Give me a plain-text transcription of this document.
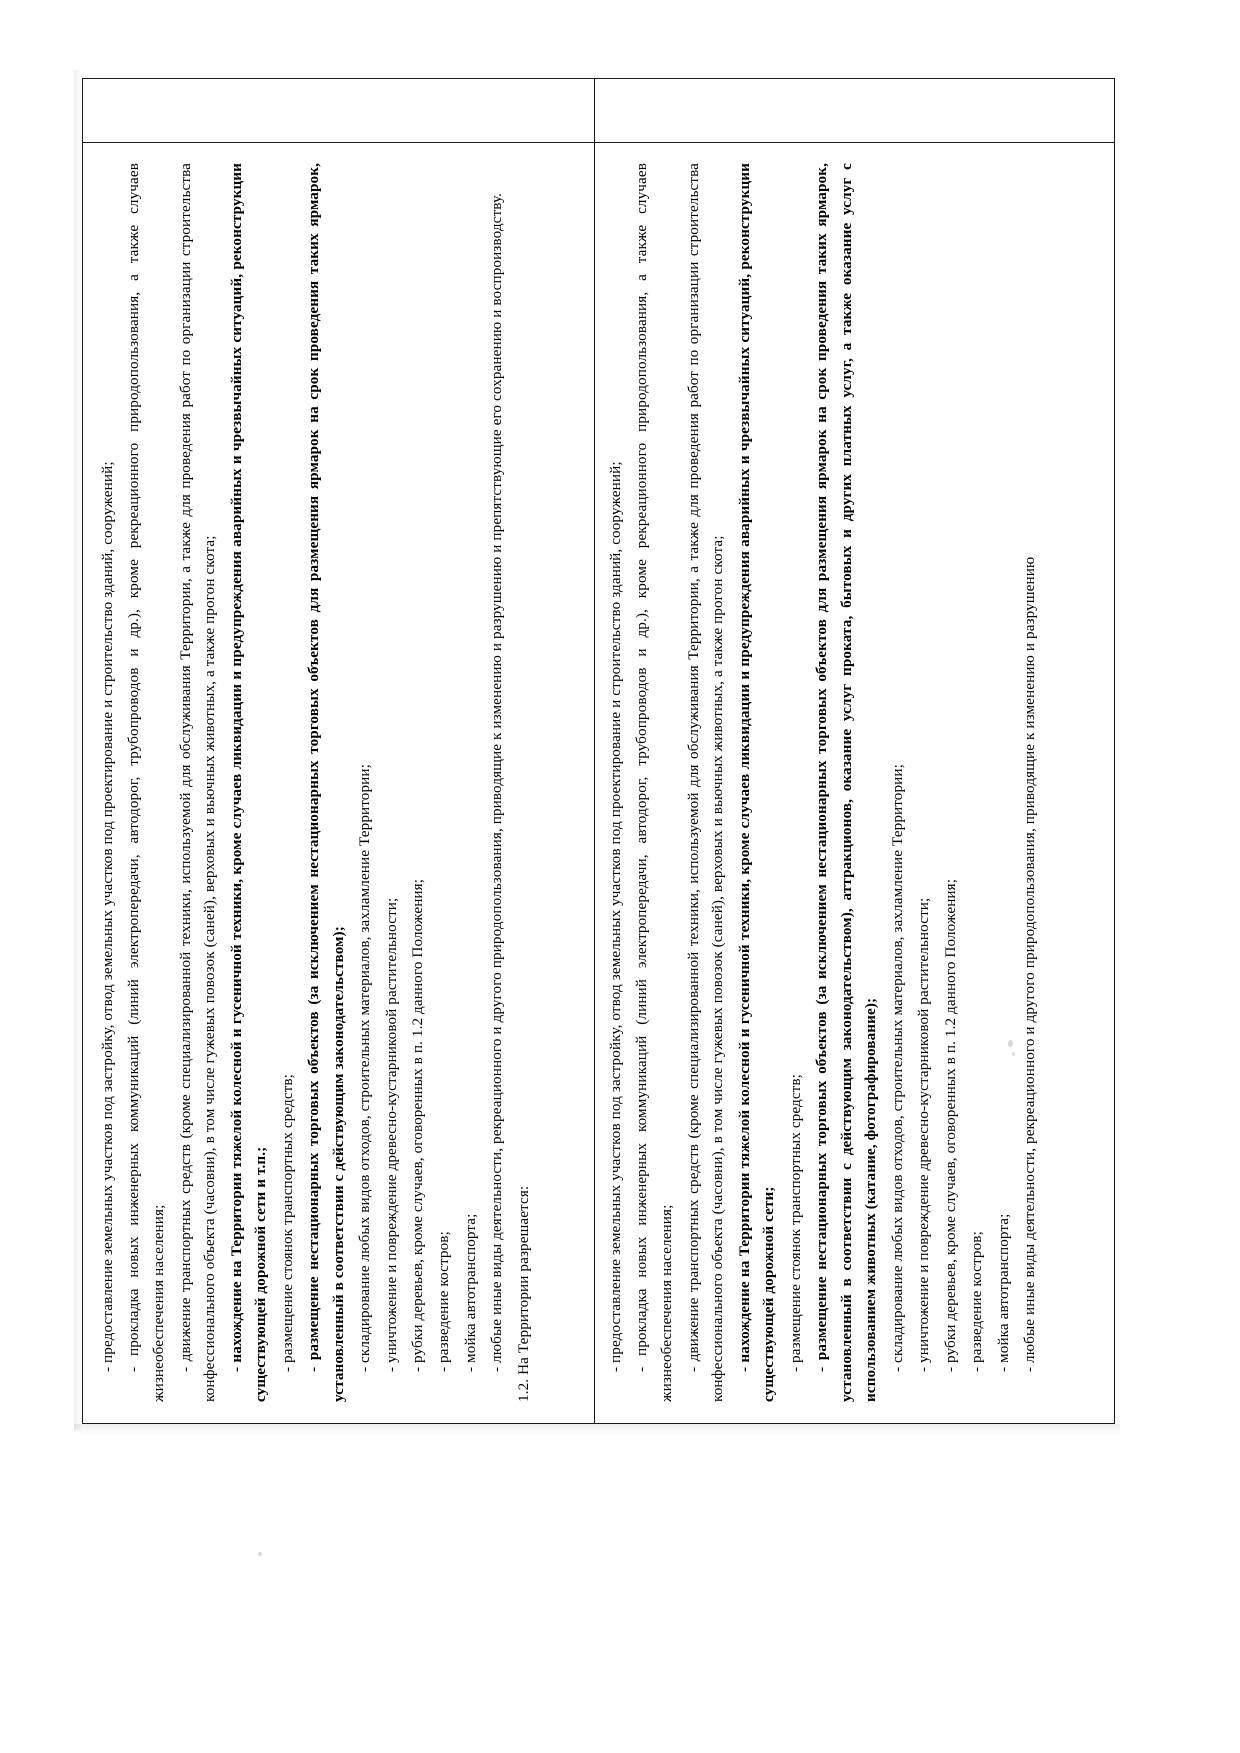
- предоставление земельных участков под застройку, отвод земельных участков под проектирование и строительство зданий, сооружений; - прокладка новых инженерных коммуникаций (линий электропередачи, автодорог, трубопроводов и др.), кроме рекреационного природопользования, а также случаев жизнеобеспечения населения; - движение транспортных средств (кроме специализированной техники, используемой для обслуживания Территории, а также для проведения работ по организации строительства конфессионального объекта (часовни), в том числе гужевых повозок (саней), верховых и вьючных животных, а также прогон скота; - нахождение на Территории тяжелой колесной и гусеничной техники, кроме случаев ликвидации и предупреждения аварийных и чрезвычайных ситуаций, реконструкции существующей дорожной сети; - размещение стоянок транспортных средств; - размещение нестационарных торговых объектов (за исключением нестационарных торговых объектов для размещения ярмарок на срок проведения таких ярмарок, установленный в соответствии с действующим законодательством), аттракционов, оказание услуг проката, бытовых и других платных услуг, а также оказание услуг с использованием животных (катание, фотографирование); - складирование любых видов отходов, строительных материалов, захламление Территории; - уничтожение и повреждение древесно-кустарниковой растительности; - рубки деревьев, кроме случаев, оговоренных в п. 1.2 данного Положения; - разведение костров; - мойка автотранспорта; - любые иные виды деятельности, рекреационного и другого природопользования, приводящие к изменению и разрушению

- предоставление земельных участков под застройку, отвод земельных участков под проектирование и строительство зданий, сооружений; - прокладка новых инженерных коммуникаций (линий электропередачи, автодорог, трубопроводов и др.), кроме рекреационного природопользования, а также случаев жизнеобеспечения населения; - движение транспортных средств (кроме специализированной техники, используемой для обслуживания Территории, а также для проведения работ по организации строительства конфессионального объекта (часовни), в том числе гужевых повозок (саней), верховых и вьючных животных, а также прогон скота; - нахождение на Территории тяжелой колесной и гусеничной техники, кроме случаев ликвидации и предупреждения аварийных и чрезвычайных ситуаций, реконструкции существующей дорожной сети и т.п.; - размещение стоянок транспортных средств; - размещение нестационарных торговых объектов (за исключением нестационарных торговых объектов для размещения ярмарок на срок проведения таких ярмарок, установленный в соответствии с действующим законодательством); - складирование любых видов отходов, строительных материалов, захламление Территории; - уничтожение и повреждение древесно-кустарниковой растительности; - рубки деревьев, кроме случаев, оговоренных в п. 1.2 данного Положения; - разведение костров; - мойка автотранспорта; - любые иные виды деятельности, рекреационного и другого природопользования, приводящие к изменению и разрушению и препятствующие его сохранению и воспроизводству. 1.2. На Территории разрешается:
